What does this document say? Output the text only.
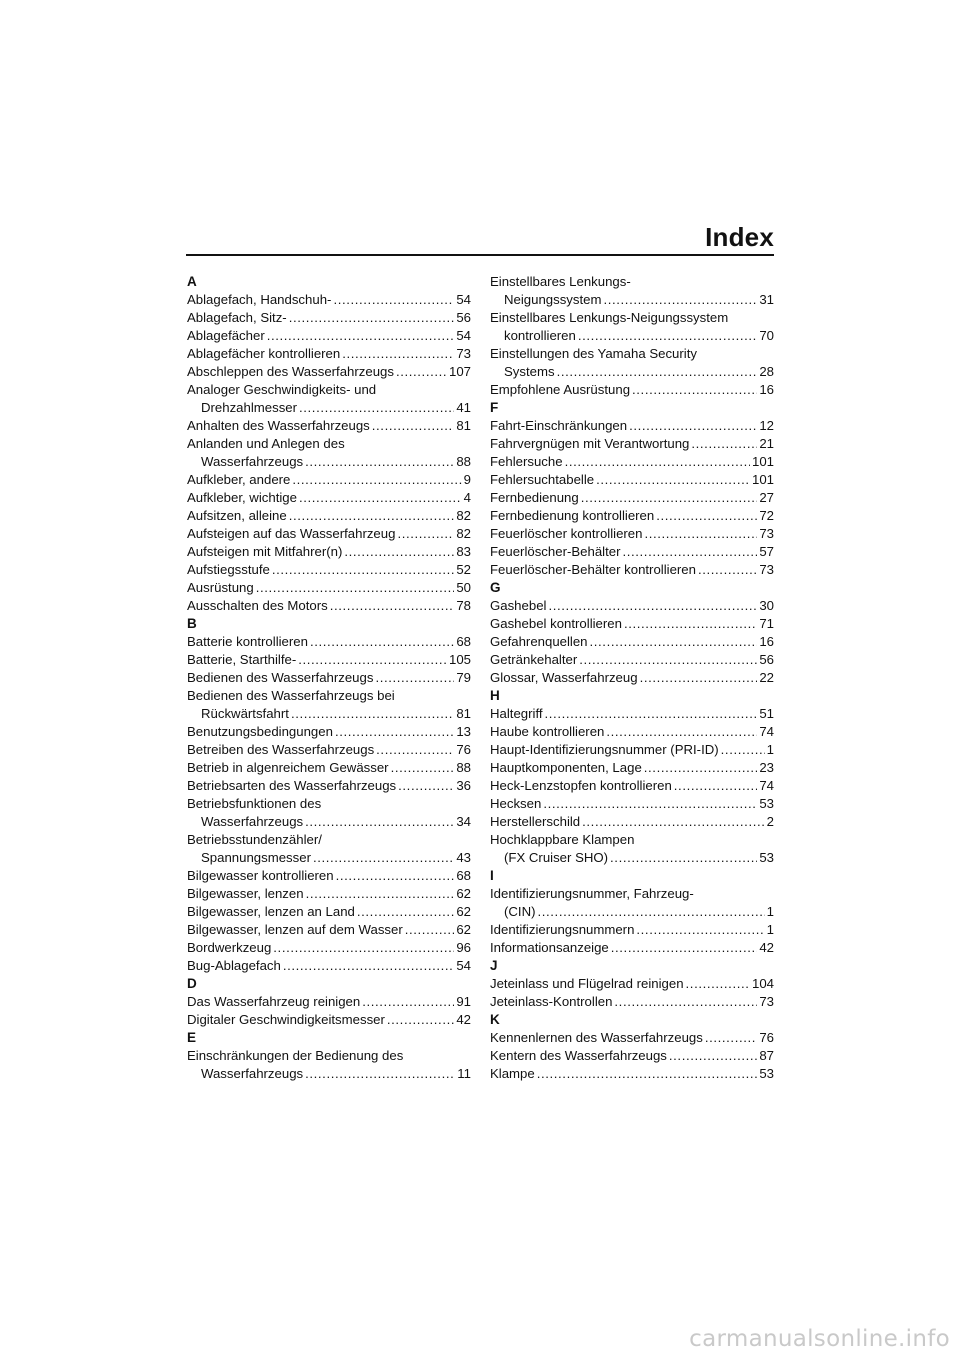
Index
A
Ablagefach, Handschuh- .....	54
Ablagefach, Sitz- .....	56
Ablagefächer .....	54
Ablagefächer kontrollieren .....	73
Abschleppen des Wasserfahrzeugs .....	107
Analoger Geschwindigkeits- und
Drehzahlmesser .....	41
Anhalten des Wasserfahrzeugs .....	81
Anlanden und Anlegen des
Wasserfahrzeugs .....	88
Aufkleber, andere .....	9
Aufkleber, wichtige .....	4
Aufsitzen, alleine .....	82
Aufsteigen auf das Wasserfahrzeug .....	82
Aufsteigen mit Mitfahrer(n) .....	83
Aufstiegsstufe .....	52
Ausrüstung .....	50
Ausschalten des Motors .....	78
B
Batterie kontrollieren .....	68
Batterie, Starthilfe- .....	105
Bedienen des Wasserfahrzeugs .....	79
Bedienen des Wasserfahrzeugs bei
Rückwärtsfahrt .....	81
Benutzungsbedingungen .....	13
Betreiben des Wasserfahrzeugs .....	76
Betrieb in algenreichem Gewässer .....	88
Betriebsarten des Wasserfahrzeugs .....	36
Betriebsfunktionen des
Wasserfahrzeugs .....	34
Betriebsstundenzähler/
Spannungsmesser .....	43
Bilgewasser kontrollieren .....	68
Bilgewasser, lenzen .....	62
Bilgewasser, lenzen an Land .....	62
Bilgewasser, lenzen auf dem Wasser .....	62
Bordwerkzeug .....	96
Bug-Ablagefach .....	54
D
Das Wasserfahrzeug reinigen .....	91
Digitaler Geschwindigkeitsmesser .....	42
E
Einschränkungen der Bedienung des
Wasserfahrzeugs .....	11
Einstellbares Lenkungs-
Neigungssystem .....	31
Einstellbares Lenkungs-Neigungssystem
kontrollieren .....	70
Einstellungen des Yamaha Security
Systems .....	28
Empfohlene Ausrüstung .....	16
F
Fahrt-Einschränkungen .....	12
Fahrvergnügen mit Verantwortung .....	21
Fehlersuche .....	101
Fehlersuchtabelle .....	101
Fernbedienung .....	27
Fernbedienung kontrollieren .....	72
Feuerlöscher kontrollieren .....	73
Feuerlöscher-Behälter .....	57
Feuerlöscher-Behälter kontrollieren .....	73
G
Gashebel .....	30
Gashebel kontrollieren .....	71
Gefahrenquellen .....	16
Getränkehalter .....	56
Glossar, Wasserfahrzeug .....	22
H
Haltegriff .....	51
Haube kontrollieren .....	74
Haupt-Identifizierungsnummer (PRI-ID) .....	1
Hauptkomponenten, Lage .....	23
Heck-Lenzstopfen kontrollieren .....	74
Hecksen .....	53
Herstellerschild .....	2
Hochklappbare Klampen
(FX Cruiser SHO) .....	53
I
Identifizierungsnummer, Fahrzeug-
(CIN) .....	1
Identifizierungsnummern .....	1
Informationsanzeige .....	42
J
Jeteinlass und Flügelrad reinigen .....	104
Jeteinlass-Kontrollen .....	73
K
Kennenlernen des Wasserfahrzeugs .....	76
Kentern des Wasserfahrzeugs .....	87
Klampe .....	53
carmanualsonline.info
